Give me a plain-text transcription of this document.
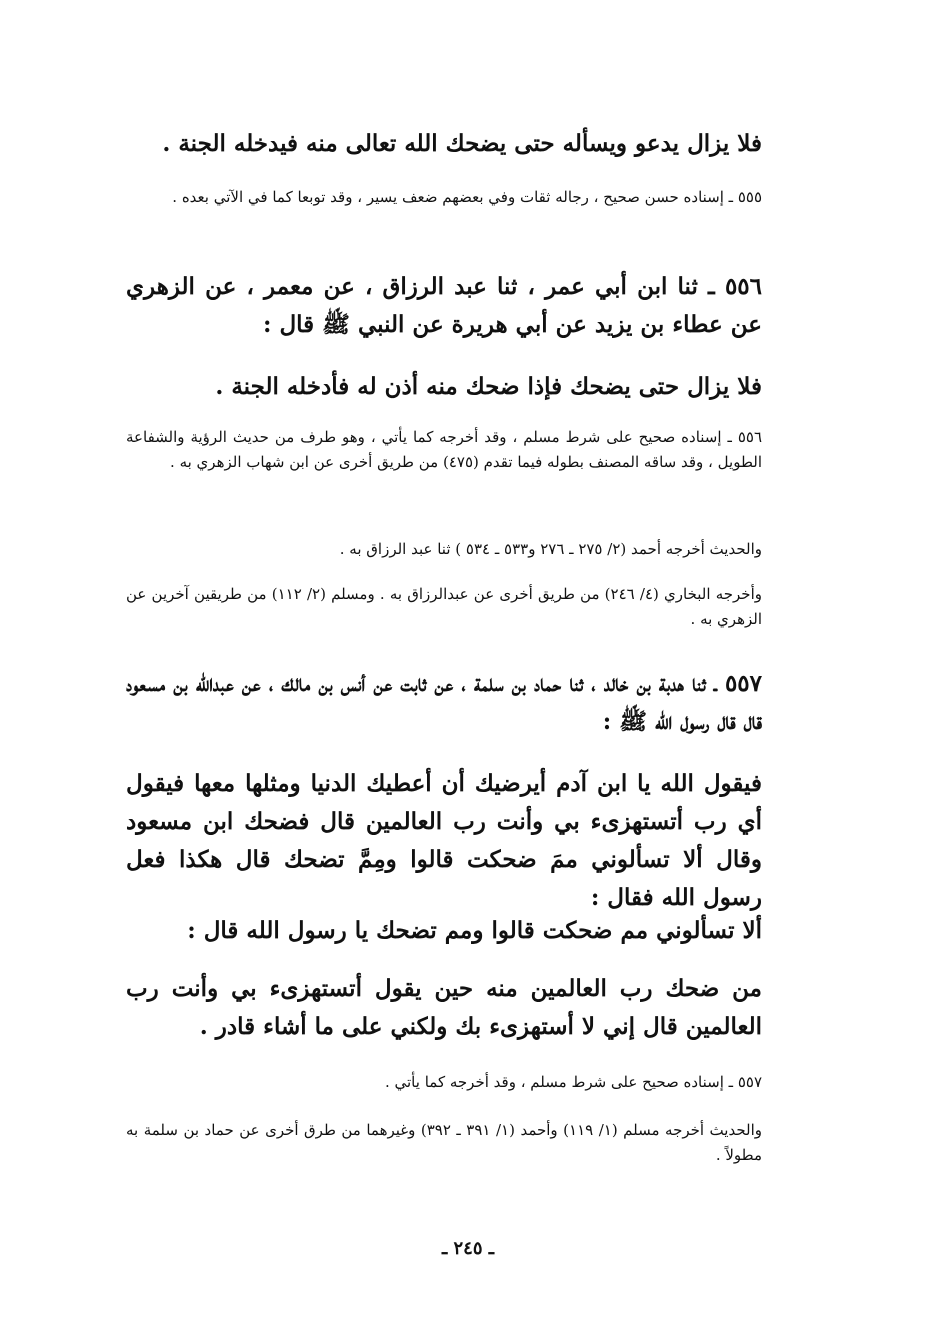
فلا يزال يدعو ويسأله حتى يضحك الله تعالى منه فيدخله الجنة .
٥٥٥ ـ إسناده حسن صحيح ، رجاله ثقات وفي بعضهم ضعف يسير ، وقد توبعا كما في الآتي بعده .
٥٥٦ ـ ثنا ابن أبي عمر ، ثنا عبد الرزاق ، عن معمر ، عن الزهري عن عطاء بن يزيد عن أبي هريرة عن النبي ﷺ قال :
فلا يزال حتى يضحك فإذا ضحك منه أذن له فأدخله الجنة .
٥٥٦ ـ إسناده صحيح على شرط مسلم ، وقد أخرجه كما يأتي ، وهو طرف من حديث الرؤية والشفاعة الطويل ، وقد ساقه المصنف بطوله فيما تقدم (٤٧٥) من طريق أخرى عن ابن شهاب الزهري به .
والحديث أخرجه أحمد (٢/ ٢٧٥ ـ ٢٧٦ و٥٣٣ ـ ٥٣٤ ) ثنا عبد الرزاق به .
وأخرجه البخاري (٤/ ٢٤٦) من طريق أخرى عن عبدالرزاق به . ومسلم (٢/ ١١٢) من طريقين آخرين عن الزهري به .
٥٥٧ ـ ثنا هدبة بن خالد ، ثنا حماد بن سلمة ، عن ثابت عن أنس بن مالك ، عن عبدالله بن مسعود قال قال رسول الله ﷺ :
فيقول الله يا ابن آدم أيرضيك أن أعطيك الدنيا ومثلها معها فيقول أي رب أتستهزىء بي وأنت رب العالمين قال فضحك ابن مسعود وقال ألا تسألوني ممَ ضحكت قالوا ومِمَّ تضحك قال هكذا فعل رسول الله فقال :
ألا تسألوني مم ضحكت قالوا ومم تضحك يا رسول الله قال :
من ضحك رب العالمين منه حين يقول أتستهزىء بي وأنت رب العالمين قال إني لا أستهزىء بك ولكني على ما أشاء قادر .
٥٥٧ ـ إسناده صحيح على شرط مسلم ، وقد أخرجه كما يأتي .
والحديث أخرجه مسلم (١/ ١١٩) وأحمد (١/ ٣٩١ ـ ٣٩٢) وغيرهما من طرق أخرى عن حماد بن سلمة به مطولاً .
ـ ٢٤٥ ـ
